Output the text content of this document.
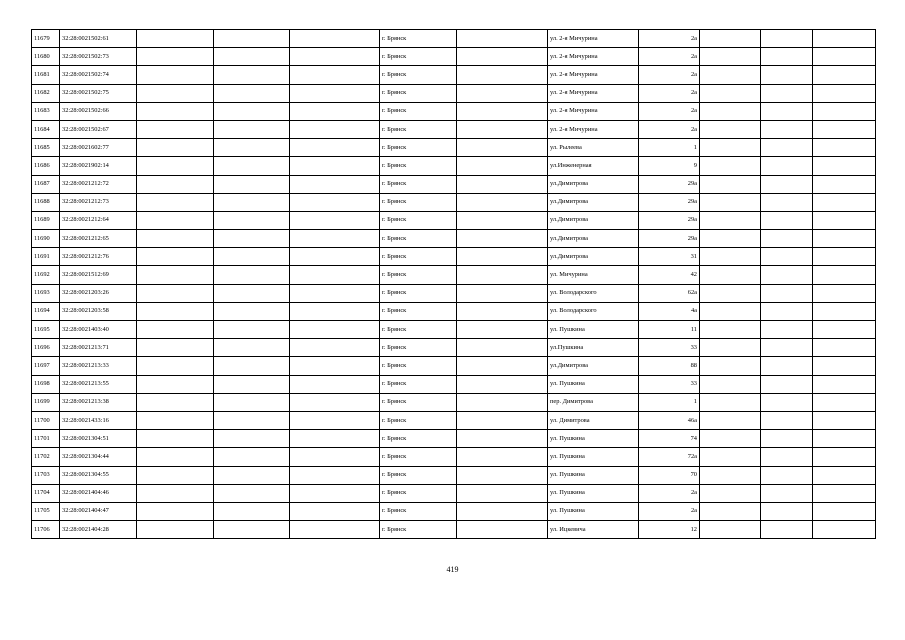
11679	32:28:0021502:61				г. Брянск		ул. 2-я Мичурина	2а			
11680	32:28:0021502:73				г. Брянск		ул. 2-я Мичурина	2а			
11681	32:28:0021502:74				г. Брянск		ул. 2-я Мичурина	2а			
11682	32:28:0021502:75				г. Брянск		ул. 2-я Мичурина	2а			
11683	32:28:0021502:66				г. Брянск		ул. 2-я Мичурина	2а			
11684	32:28:0021502:67				г. Брянск		ул. 2-я Мичурина	2а			
11685	32:28:0021602:77				г. Брянск		ул. Рылеева	1			
11686	32:28:0021902:14				г. Брянск		ул.Инженерная	9			
11687	32:28:0021212:72				г. Брянск		ул.Димитрова	29а			
11688	32:28:0021212:73				г. Брянск		ул.Димитрова	29а			
11689	32:28:0021212:64				г. Брянск		ул.Димитрова	29а			
11690	32:28:0021212:65				г. Брянск		ул.Димитрова	29а			
11691	32:28:0021212:76				г. Брянск		ул.Димитрова	31			
11692	32:28:0021512:69				г. Брянск		ул. Мичурина	42			
11693	32:28:0021203:26				г. Брянск		ул. Володарского	62а			
11694	32:28:0021203:58				г. Брянск		ул. Володарского	4а			
11695	32:28:0021403:40				г. Брянск		ул. Пушкина	11			
11696	32:28:0021213:71				г. Брянск		ул.Пушкина	33			
11697	32:28:0021213:33				г. Брянск		ул.Димитрова	88			
11698	32:28:0021213:55				г. Брянск		ул. Пушкина	33			
11699	32:28:0021213:38				г. Брянск		пер. Димитрова	1			
11700	32:28:0021433:16				г. Брянск		ул. Димитрова	46а			
11701	32:28:0021304:51				г. Брянск		ул. Пушкина	74			
11702	32:28:0021304:44				г. Брянск		ул. Пушкина	72а			
11703	32:28:0021304:55				г. Брянск		ул. Пушкина	70			
11704	32:28:0021404:46				г. Брянск		ул. Пушкина	2а			
11705	32:28:0021404:47				г. Брянск		ул. Пушкина	2а			
11706	32:28:0021404:28				г. Брянск		ул. Ицкевича	12			
419
